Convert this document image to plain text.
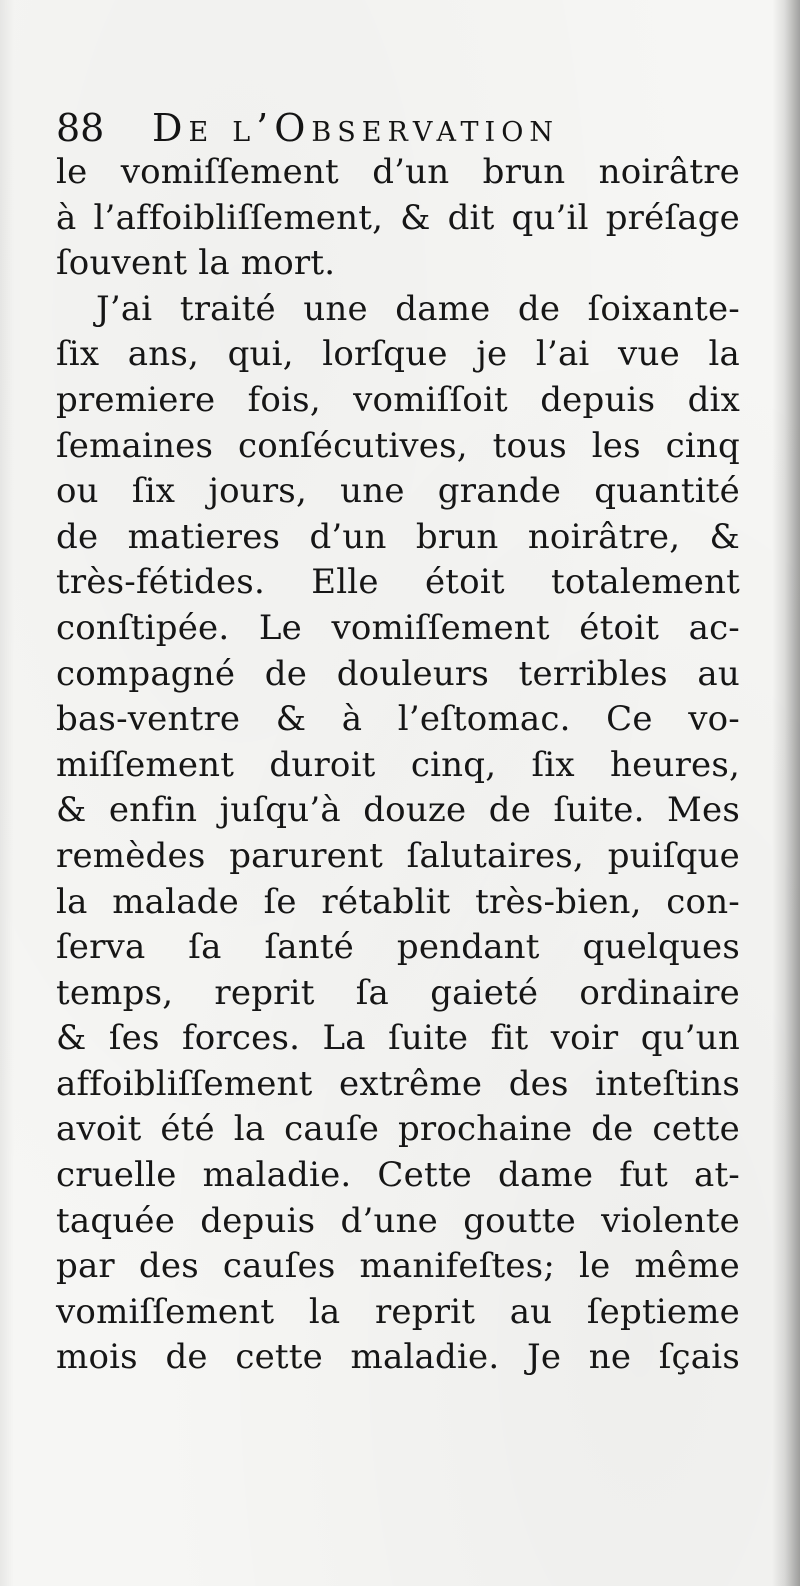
88 De l’Observation
le vomiſſement d’un brun noirâtre
à l’affoibliſſement, & dit qu’il préſage
ſouvent la mort.
J’ai traité une dame de ſoixante-
ſix ans, qui, lorſque je l’ai vue la
premiere fois, vomiſſoit depuis dix
ſemaines conſécutives, tous les cinq
ou ſix jours, une grande quantité
de matieres d’un brun noirâtre, &
très-fétides. Elle étoit totalement
conſtipée. Le vomiſſement étoit ac-
compagné de douleurs terribles au
bas-ventre & à l’eſtomac. Ce vo-
miſſement duroit cinq, ſix heures,
& enfin juſqu’à douze de ſuite. Mes
remèdes parurent ſalutaires, puiſque
la malade ſe rétablit très-bien, con-
ſerva ſa ſanté pendant quelques
temps, reprit ſa gaieté ordinaire
& ſes forces. La ſuite fit voir qu’un
affoibliſſement extrême des inteſtins
avoit été la cauſe prochaine de cette
cruelle maladie. Cette dame fut at-
taquée depuis d’une goutte violente
par des cauſes manifeſtes; le même
vomiſſement la reprit au ſeptieme
mois de cette maladie. Je ne ſçais
